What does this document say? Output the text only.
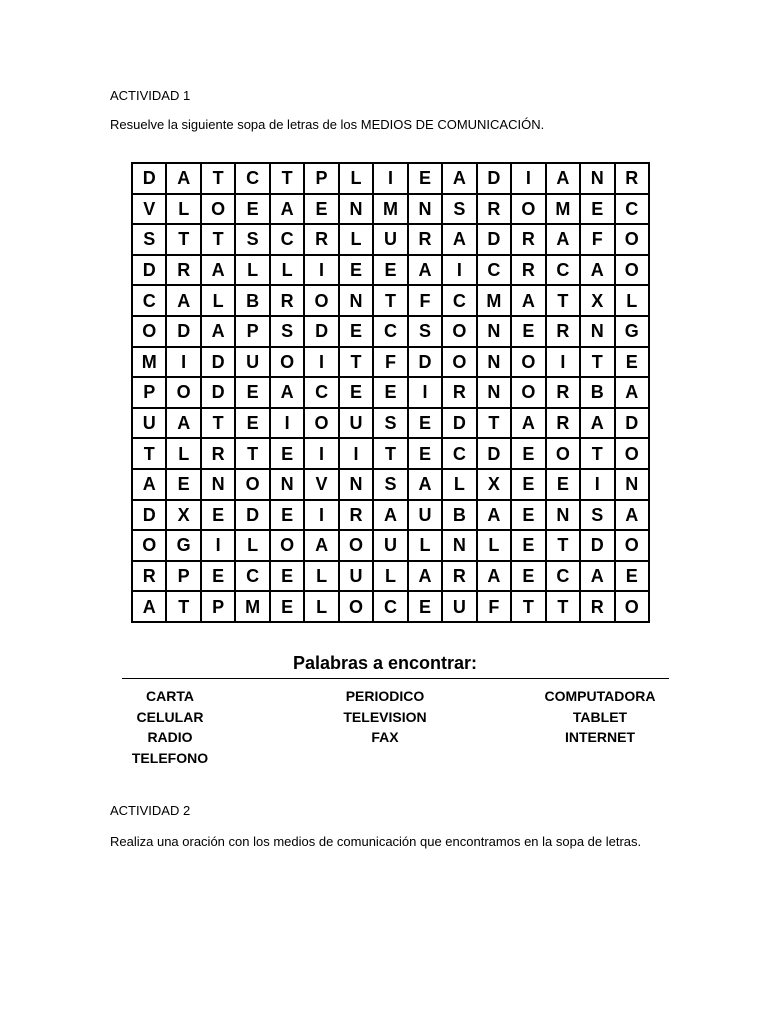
ACTIVIDAD 1
Resuelve la siguiente sopa de letras de los MEDIOS DE COMUNICACIÓN.
D	A	T	C	T	P	L	I	E	A	D	I	A	N	R
V	L	O	E	A	E	N	M	N	S	R	O	M	E	C
S	T	T	S	C	R	L	U	R	A	D	R	A	F	O
D	R	A	L	L	I	E	E	A	I	C	R	C	A	O
C	A	L	B	R	O	N	T	F	C	M	A	T	X	L
O	D	A	P	S	D	E	C	S	O	N	E	R	N	G
M	I	D	U	O	I	T	F	D	O	N	O	I	T	E
P	O	D	E	A	C	E	E	I	R	N	O	R	B	A
U	A	T	E	I	O	U	S	E	D	T	A	R	A	D
T	L	R	T	E	I	I	T	E	C	D	E	O	T	O
A	E	N	O	N	V	N	S	A	L	X	E	E	I	N
D	X	E	D	E	I	R	A	U	B	A	E	N	S	A
O	G	I	L	O	A	O	U	L	N	L	E	T	D	O
R	P	E	C	E	L	U	L	A	R	A	E	C	A	E
A	T	P	M	E	L	O	C	E	U	F	T	T	R	O
Palabras a encontrar:
CARTA
CELULAR
RADIO
TELEFONO
PERIODICO
TELEVISION
FAX
COMPUTADORA
TABLET
INTERNET
ACTIVIDAD 2
Realiza una oración con los medios de comunicación que encontramos en la sopa de letras.
